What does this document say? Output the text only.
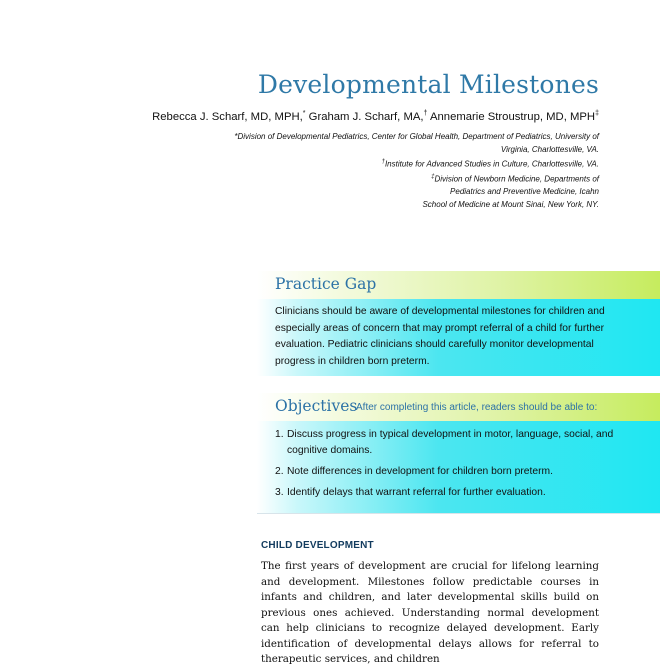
Developmental Milestones
Rebecca J. Scharf, MD, MPH,* Graham J. Scharf, MA,† Annemarie Stroustrup, MD, MPH‡

*Division of Developmental Pediatrics, Center for Global Health, Department of Pediatrics, University of

Virginia, Charlottesville, VA.

†Institute for Advanced Studies in Culture, Charlottesville, VA.

‡Division of Newborn Medicine, Departments of

Pediatrics and Preventive Medicine, Icahn

School of Medicine at Mount Sinai, New York, NY.

Practice Gap

Clinicians should be aware of developmental milestones for children and especially areas of concern that may prompt referral of a child for further evaluation. Pediatric clinicians should carefully monitor developmental progress in children born preterm.

Objectives
After completing this article, readers should be able to:
1. Discuss progress in typical development in motor, language, social, and cognitive domains.
2. Note differences in development for children born preterm.
3. Identify delays that warrant referral for further evaluation.
CHILD DEVELOPMENT

The first years of development are crucial for lifelong learning and development. Milestones follow predictable courses in infants and children, and later developmental skills build on previous ones achieved. Understanding normal development can help clinicians to recognize delayed development. Early identification of developmental delays allows for referral to therapeutic services, and children
